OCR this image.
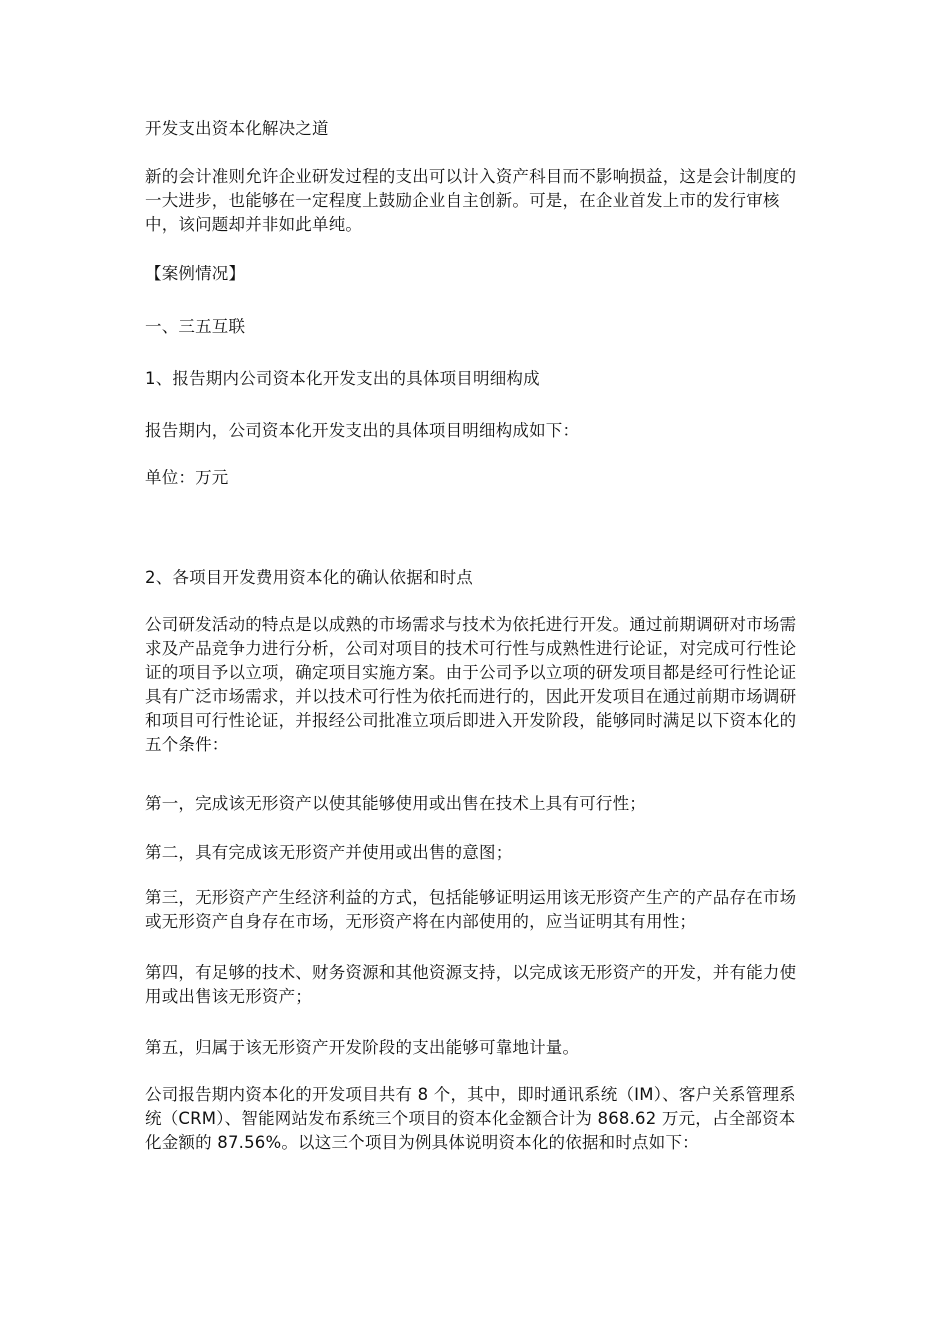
开发支出资本化解决之道

新的会计准则允许企业研发过程的支出可以计入资产科目而不影响损益，这是会计制度的一大进步，也能够在一定程度上鼓励企业自主创新。可是，在企业首发上市的发行审核中，该问题却并非如此单纯。

【案例情况】

一、三五互联

1、报告期内公司资本化开发支出的具体项目明细构成

报告期内，公司资本化开发支出的具体项目明细构成如下：

单位：万元

2、各项目开发费用资本化的确认依据和时点

公司研发活动的特点是以成熟的市场需求与技术为依托进行开发。通过前期调研对市场需求及产品竞争力进行分析，公司对项目的技术可行性与成熟性进行论证，对完成可行性论证的项目予以立项，确定项目实施方案。由于公司予以立项的研发项目都是经可行性论证具有广泛市场需求，并以技术可行性为依托而进行的，因此开发项目在通过前期市场调研和项目可行性论证，并报经公司批准立项后即进入开发阶段，能够同时满足以下资本化的五个条件：

第一，完成该无形资产以使其能够使用或出售在技术上具有可行性；

第二，具有完成该无形资产并使用或出售的意图；

第三，无形资产产生经济利益的方式，包括能够证明运用该无形资产生产的产品存在市场或无形资产自身存在市场，无形资产将在内部使用的，应当证明其有用性；

第四，有足够的技术、财务资源和其他资源支持，以完成该无形资产的开发，并有能力使用或出售该无形资产；

第五，归属于该无形资产开发阶段的支出能够可靠地计量。

公司报告期内资本化的开发项目共有 8 个，其中，即时通讯系统（IM）、客户关系管理系统（CRM）、智能网站发布系统三个项目的资本化金额合计为 868.62 万元，占全部资本化金额的 87.56%。以这三个项目为例具体说明资本化的依据和时点如下：
